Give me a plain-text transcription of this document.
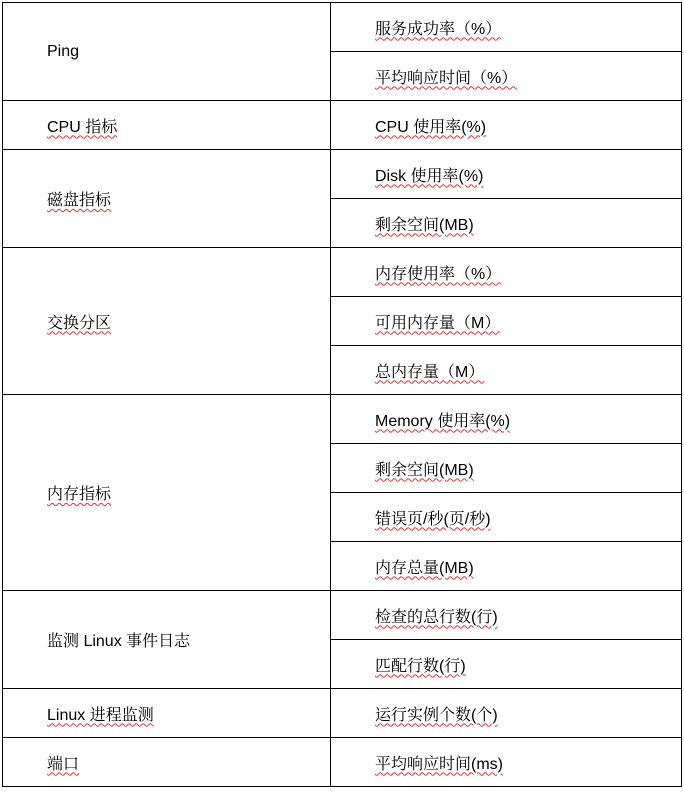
Ping	服务成功率（%）
	平均响应时间（%）
CPU 指标	CPU 使用率(%)
磁盘指标	Disk 使用率(%)
	剩余空间(MB)
交换分区	内存使用率（%）
	可用内存量（M）
	总内存量（M）
内存指标	Memory 使用率(%)
	剩余空间(MB)
	错误页/秒(页/秒)
	内存总量(MB)
监测 Linux 事件日志	检查的总行数(行)
	匹配行数(行)
Linux 进程监测	运行实例个数(个)
端口	平均响应时间(ms)
